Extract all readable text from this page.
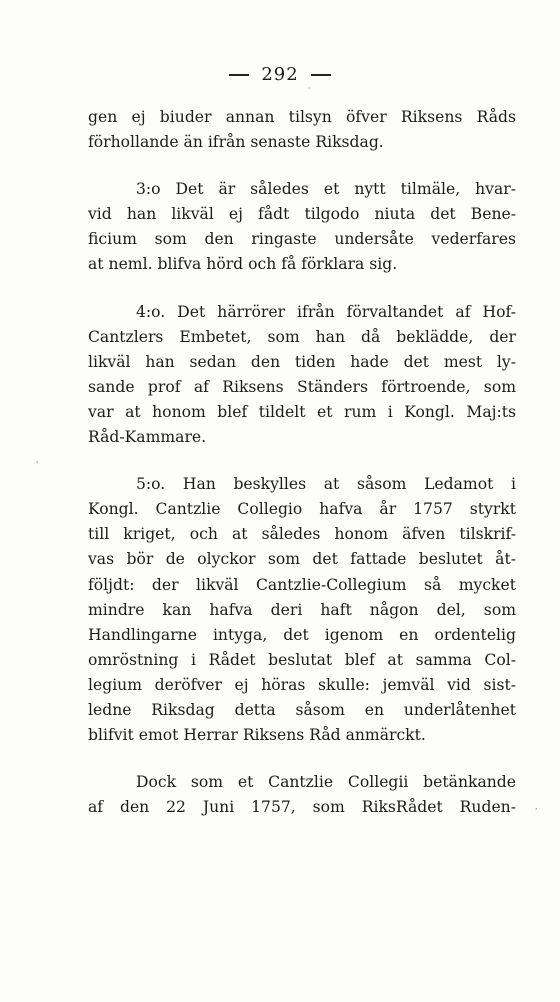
292
·
'
,
gen ej biuder annan tilsyn öfver Riksens Råds
förhollande än ifrån senaste Riksdag.
3:o Det är således et nytt tilmäle, hvar-
vid han likväl ej fådt tilgodo niuta det Bene-
ficium som den ringaste undersåte vederfares
at neml. blifva hörd och få förklara sig.
4:o. Det härrörer ifrån förvaltandet af Hof-
Cantzlers Embetet, som han då beklädde, der
likväl han sedan den tiden hade det mest ly-
sande prof af Riksens Ständers förtroende, som
var at honom blef tildelt et rum i Kongl. Maj:ts
Råd-Kammare.
5:o. Han beskylles at såsom Ledamot i
Kongl. Cantzlie Collegio hafva år 1757 styrkt
till kriget, och at således honom äfven tilskrif-
vas bör de olyckor som det fattade beslutet åt-
följdt: der likväl Cantzlie-Collegium så mycket
mindre kan hafva deri haft någon del, som
Handlingarne intyga, det igenom en ordentelig
omröstning i Rådet beslutat blef at samma Col-
legium deröfver ej höras skulle: jemväl vid sist-
ledne Riksdag detta såsom en underlåtenhet
blifvit emot Herrar Riksens Råd anmärckt.
Dock som et Cantzlie Collegii betänkande
af den 22 Juni 1757, som RiksRådet Ruden-
